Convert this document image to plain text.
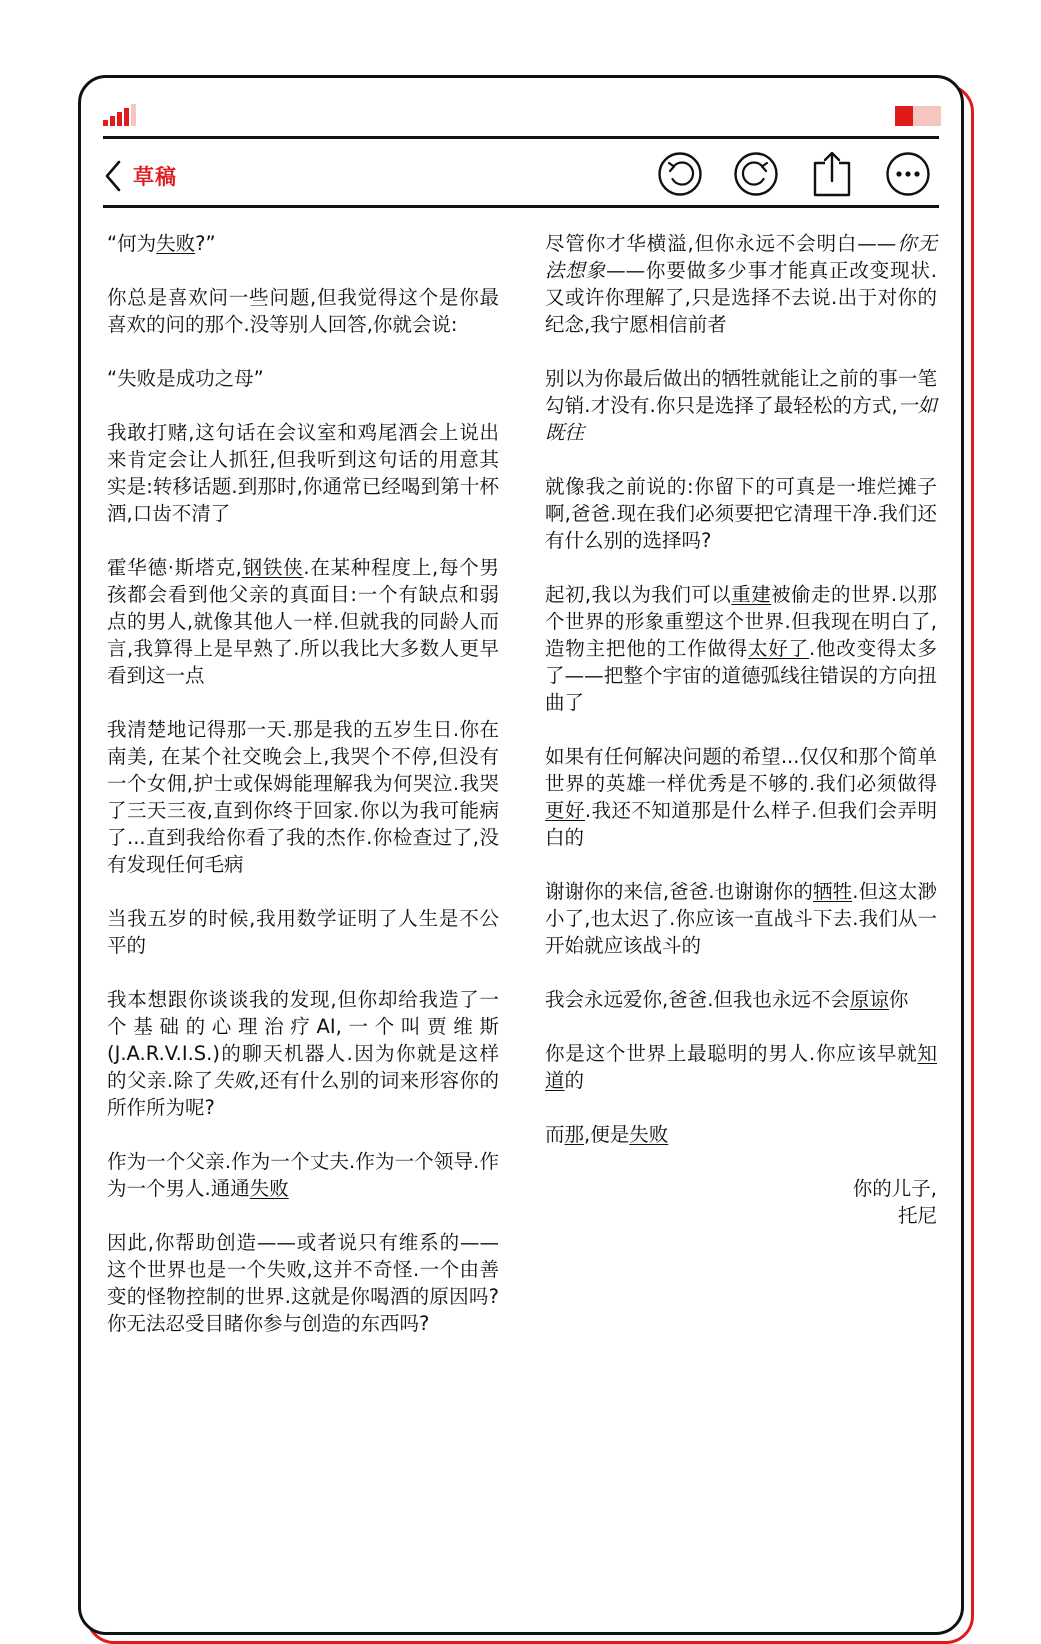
草稿

“何为失败?”

你总是喜欢问一些问题,但我觉得这个是你最喜欢的问的那个.没等别人回答,你就会说:

“失败是成功之母”

我敢打赌,这句话在会议室和鸡尾酒会上说出来肯定会让人抓狂,但我听到这句话的用意其实是:转移话题.到那时,你通常已经喝到第十杯酒,口齿不清了

霍华德·斯塔克,钢铁侠.在某种程度上,每个男孩都会看到他父亲的真面目:一个有缺点和弱点的男人,就像其他人一样.但就我的同龄人而言,我算得上是早熟了.所以我比大多数人更早看到这一点

我清楚地记得那一天.那是我的五岁生日.你在南美, 在某个社交晚会上,我哭个不停,但没有一个女佣,护士或保姆能理解我为何哭泣.我哭了三天三夜,直到你终于回家.你以为我可能病了...直到我给你看了我的杰作.你检查过了,没有发现任何毛病

当我五岁的时候,我用数学证明了人生是不公平的

我本想跟你谈谈我的发现,但你却给我造了一个基础的心理治疗AI,一个叫贾维斯(J.A.R.V.I.S.)的聊天机器人.因为你就是这样的父亲.除了失败,还有什么别的词来形容你的所作所为呢?

作为一个父亲.作为一个丈夫.作为一个领导.作为一个男人.通通失败

因此,你帮助创造——或者说只有维系的——这个世界也是一个失败,这并不奇怪.一个由善变的怪物控制的世界.这就是你喝酒的原因吗?你无法忍受目睹你参与创造的东西吗?

尽管你才华横溢,但你永远不会明白——你无法想象——你要做多少事才能真正改变现状.又或许你理解了,只是选择不去说.出于对你的纪念,我宁愿相信前者

别以为你最后做出的牺牲就能让之前的事一笔勾销.才没有.你只是选择了最轻松的方式,一如既往

就像我之前说的:你留下的可真是一堆烂摊子啊,爸爸.现在我们必须要把它清理干净.我们还有什么别的选择吗?

起初,我以为我们可以重建被偷走的世界.以那个世界的形象重塑这个世界.但我现在明白了,造物主把他的工作做得太好了.他改变得太多了——把整个宇宙的道德弧线往错误的方向扭曲了

如果有任何解决问题的希望...仅仅和那个简单世界的英雄一样优秀是不够的.我们必须做得更好.我还不知道那是什么样子.但我们会弄明白的

谢谢你的来信,爸爸.也谢谢你的牺牲.但这太渺小了,也太迟了.你应该一直战斗下去.我们从一开始就应该战斗的

我会永远爱你,爸爸.但我也永远不会原谅你

你是这个世界上最聪明的男人.你应该早就知道的

而那,便是失败

你的儿子,
托尼
